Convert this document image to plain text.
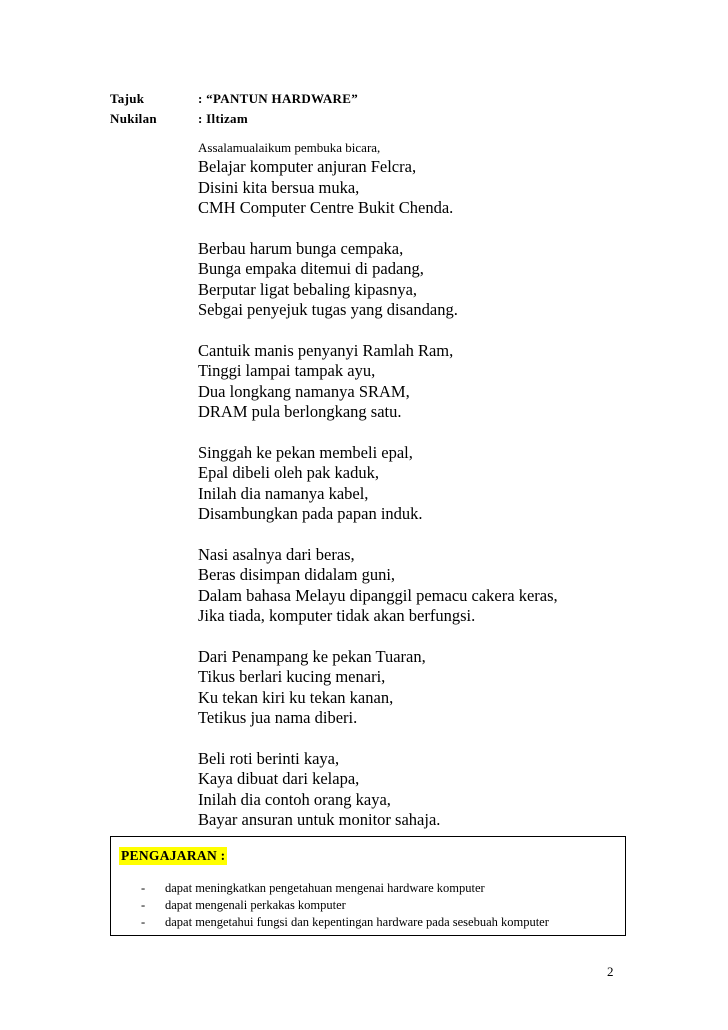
Tajuk	: “PANTUN HARDWARE”
Nukilan	: Iltizam
Assalamualaikum pembuka bicara,
Belajar komputer anjuran Felcra,
Disini kita bersua muka,
CMH Computer Centre Bukit Chenda.
Berbau harum bunga cempaka,
Bunga empaka ditemui di padang,
Berputar ligat bebaling kipasnya,
Sebgai penyejuk tugas yang disandang.
Cantuik manis penyanyi Ramlah Ram,
Tinggi lampai tampak ayu,
Dua longkang namanya SRAM,
DRAM pula berlongkang satu.
Singgah ke pekan membeli epal,
Epal dibeli oleh pak kaduk,
Inilah dia namanya kabel,
Disambungkan pada papan induk.
Nasi asalnya dari beras,
Beras disimpan didalam guni,
Dalam bahasa Melayu dipanggil pemacu cakera keras,
Jika tiada, komputer tidak akan berfungsi.
Dari Penampang ke pekan Tuaran,
Tikus berlari kucing menari,
Ku tekan kiri ku tekan kanan,
Tetikus jua nama diberi.
Beli roti berinti kaya,
Kaya dibuat dari kelapa,
Inilah dia contoh orang kaya,
Bayar ansuran untuk monitor sahaja.
PENGAJARAN :
-	dapat meningkatkan pengetahuan mengenai hardware komputer
-	dapat mengenali perkakas komputer
-	dapat mengetahui fungsi dan kepentingan hardware pada sesebuah komputer
2
